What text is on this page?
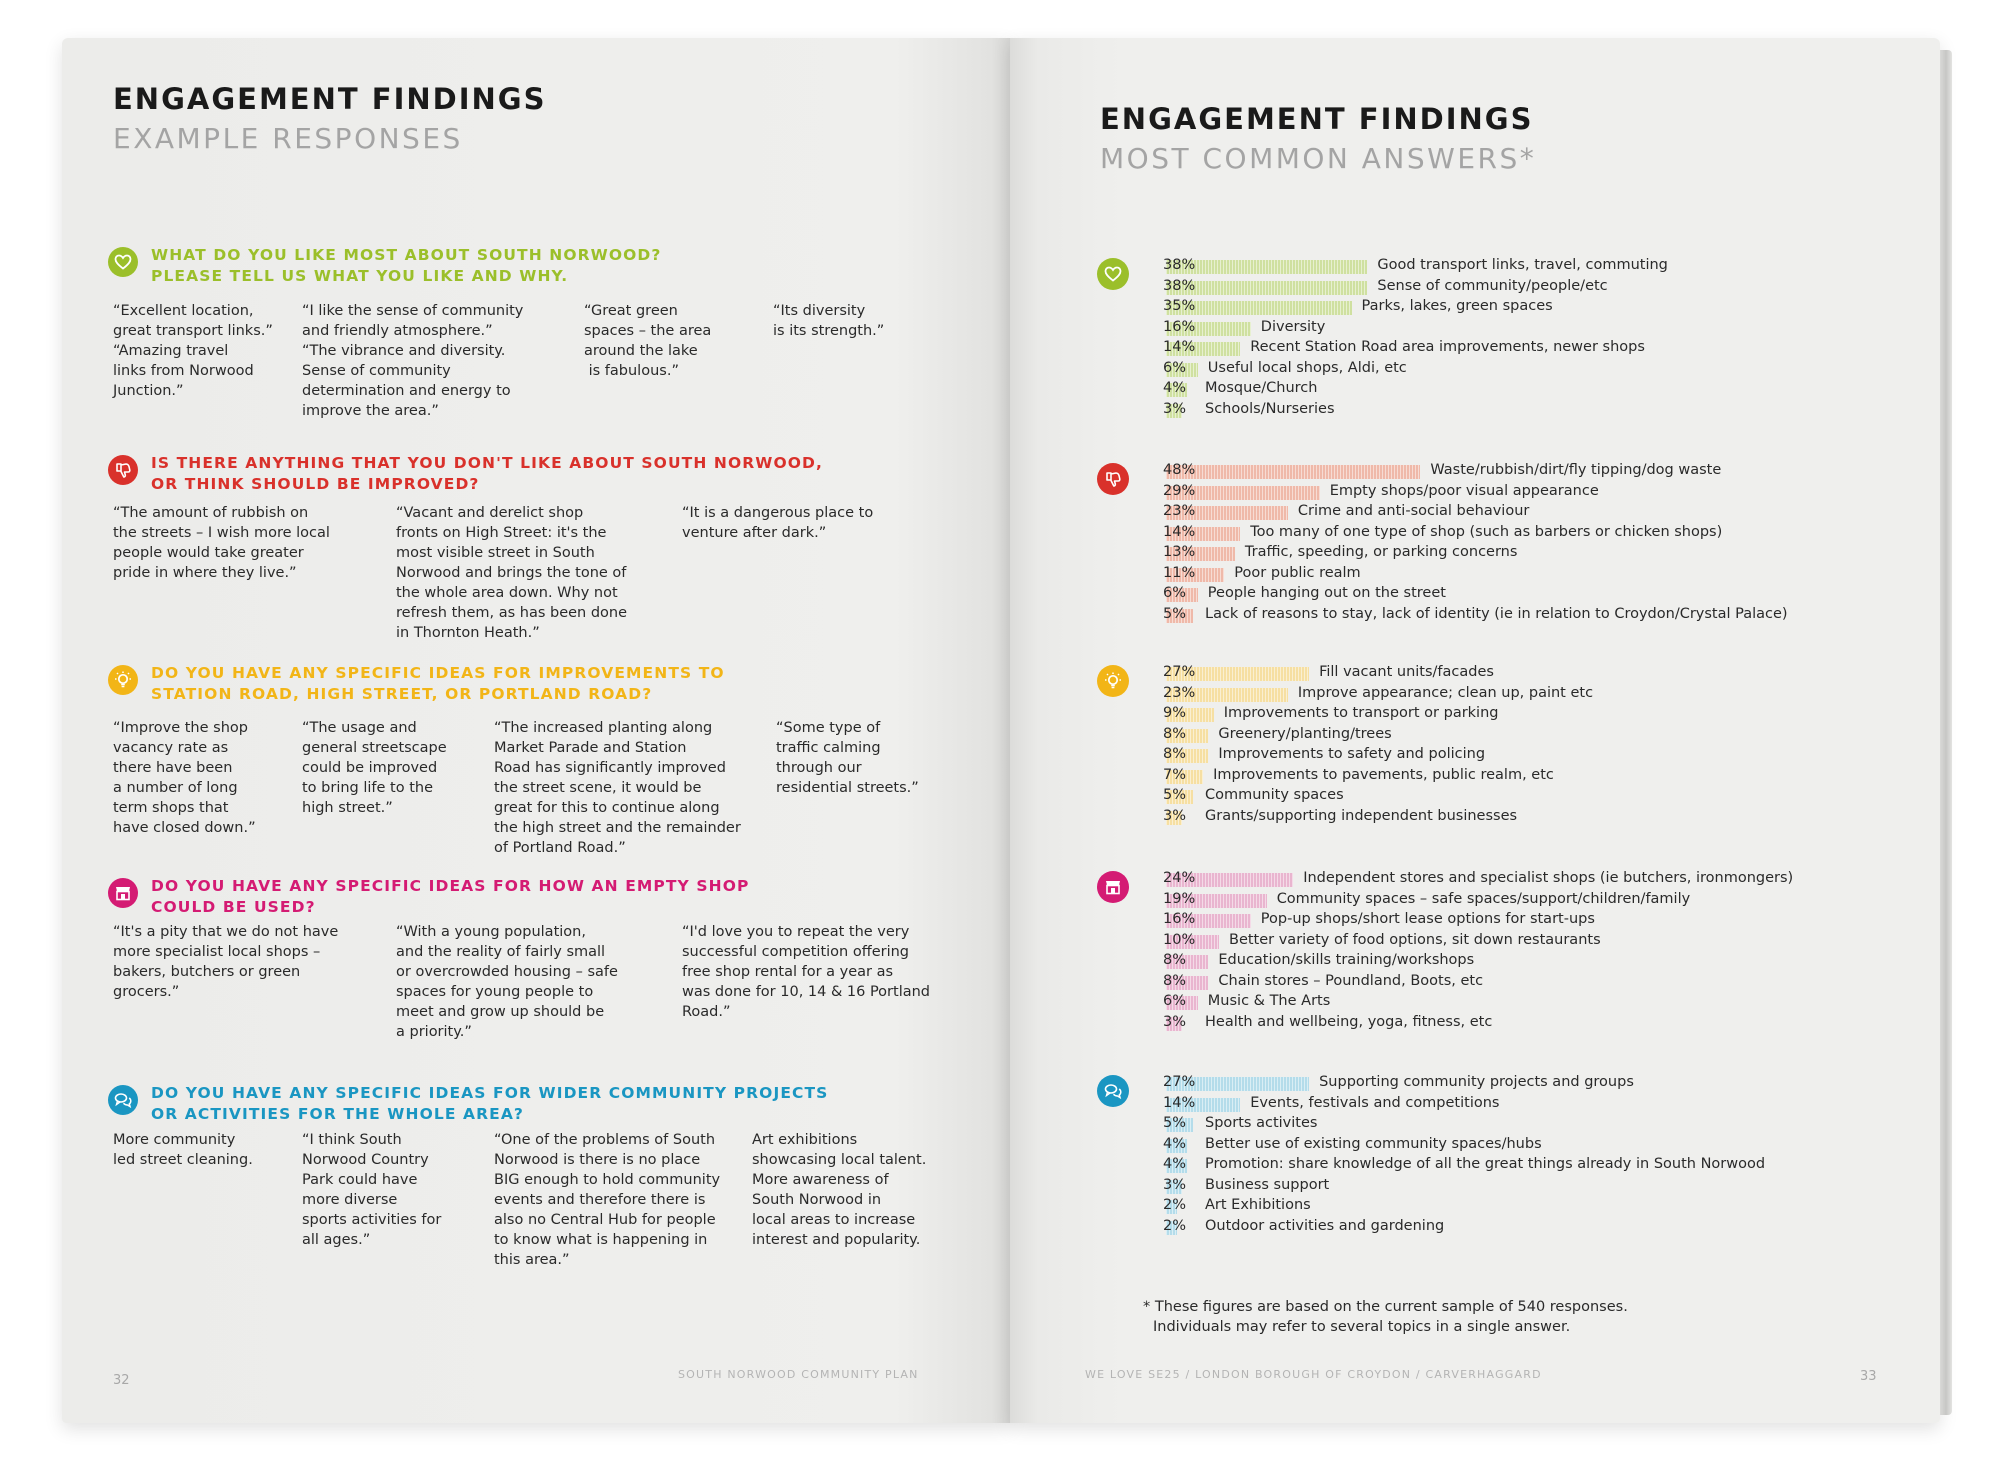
ENGAGEMENT FINDINGS
EXAMPLE RESPONSES
WHAT DO YOU LIKE MOST ABOUT SOUTH NORWOOD?
PLEASE TELL US WHAT YOU LIKE AND WHY.
“Excellent location,
great transport links.”
“Amazing travel
links from Norwood
Junction.”
“I like the sense of community
and friendly atmosphere.”
“The vibrance and diversity.
Sense of community
determination and energy to
improve the area.”
“Great green
spaces – the area
around the lake
is fabulous.”
“Its diversity
is its strength.”
IS THERE ANYTHING THAT YOU DON'T LIKE ABOUT SOUTH NORWOOD,
OR THINK SHOULD BE IMPROVED?
“The amount of rubbish on
the streets – I wish more local
people would take greater
pride in where they live.”
“Vacant and derelict shop
fronts on High Street: it's the
most visible street in South
Norwood and brings the tone of
the whole area down. Why not
refresh them, as has been done
in Thornton Heath.”
“It is a dangerous place to
venture after dark.”
DO YOU HAVE ANY SPECIFIC IDEAS FOR IMPROVEMENTS TO
STATION ROAD, HIGH STREET, OR PORTLAND ROAD?
“Improve the shop
vacancy rate as
there have been
a number of long
term shops that
have closed down.”
“The usage and
general streetscape
could be improved
to bring life to the
high street.”
“The increased planting along
Market Parade and Station
Road has significantly improved
the street scene, it would be
great for this to continue along
the high street and the remainder
of Portland Road.”
“Some type of
traffic calming
through our
residential streets.”
DO YOU HAVE ANY SPECIFIC IDEAS FOR HOW AN EMPTY SHOP
COULD BE USED?
“It's a pity that we do not have
more specialist local shops –
bakers, butchers or green
grocers.”
“With a young population,
and the reality of fairly small
or overcrowded housing – safe
spaces for young people to
meet and grow up should be
a priority.”
“I'd love you to repeat the very
successful competition offering
free shop rental for a year as
was done for 10, 14 & 16 Portland
Road.”
DO YOU HAVE ANY SPECIFIC IDEAS FOR WIDER COMMUNITY PROJECTS
OR ACTIVITIES FOR THE WHOLE AREA?
More community
led street cleaning.
“I think South
Norwood Country
Park could have
more diverse
sports activities for
all ages.”
“One of the problems of South
Norwood is there is no place
BIG enough to hold community
events and therefore there is
also no Central Hub for people
to know what is happening in
this area.”
Art exhibitions
showcasing local talent.
More awareness of
South Norwood in
local areas to increase
interest and popularity.
32	SOUTH NORWOOD COMMUNITY PLAN
ENGAGEMENT FINDINGS
MOST COMMON ANSWERS*
38%	Good transport links, travel, commuting
38%	Sense of community/people/etc
35%	Parks, lakes, green spaces
16%	Diversity
14%	Recent Station Road area improvements, newer shops
6% Useful local shops, Aldi, etc
4% Mosque/Church
3% Schools/Nurseries
48%	Waste/rubbish/dirt/fly tipping/dog waste
29%	Empty shops/poor visual appearance
23%	Crime and anti-social behaviour
14%	Too many of one type of shop (such as barbers or chicken shops)
13%	Traffic, speeding, or parking concerns
11%	Poor public realm
6% People hanging out on the street
5% Lack of reasons to stay, lack of identity (ie in relation to Croydon/Crystal Palace)
27%	Fill vacant units/facades
23%	Improve appearance; clean up, paint etc
9%	Improvements to transport or parking
8% Greenery/planting/trees
8% Improvements to safety and policing
7% Improvements to pavements, public realm, etc
5% Community spaces
3% Grants/supporting independent businesses
24%	Independent stores and specialist shops (ie butchers, ironmongers)
19%	Community spaces – safe spaces/support/children/family
16%	Pop-up shops/short lease options for start-ups
10% Better variety of food options, sit down restaurants
8% Education/skills training/workshops
8% Chain stores – Poundland, Boots, etc
6% Music & The Arts
3% Health and wellbeing, yoga, fitness, etc
27%	Supporting community projects and groups
14%	Events, festivals and competitions
5% Sports activites
4% Better use of existing community spaces/hubs
4% Promotion: share knowledge of all the great things already in South Norwood
3% Business support
2% Art Exhibitions
2% Outdoor activities and gardening
* These figures are based on the current sample of 540 responses.
Individuals may refer to several topics in a single answer.
WE LOVE SE25 / LONDON BOROUGH OF CROYDON / CARVERHAGGARD	33
